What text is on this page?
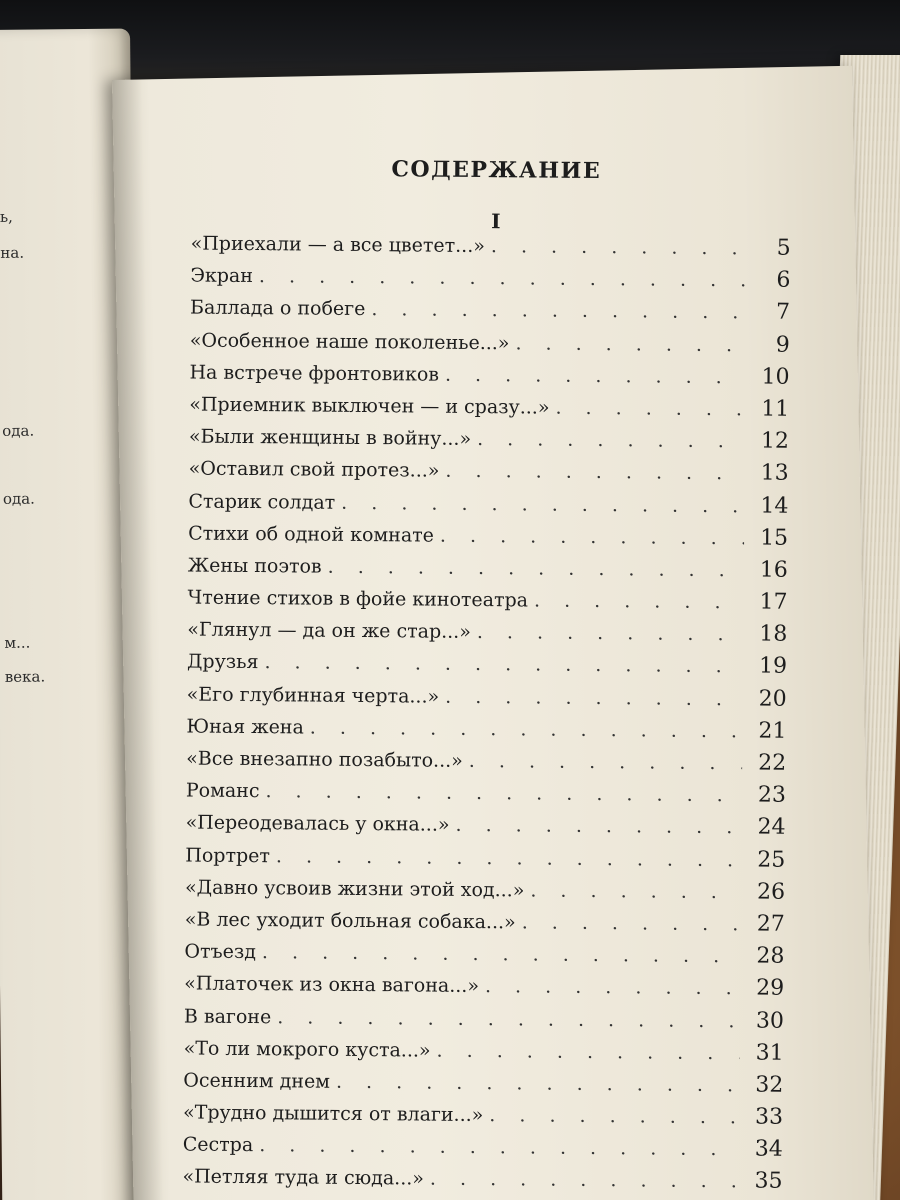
ь,
на.
ода.
ода.
м...
века.
СОДЕРЖАНИЕ
I
«Приехали — а все цветет...» . . .	5
Экран . . .	6
Баллада о побеге . . .	7
«Особенное наше поколенье...» . . .	9
На встрече фронтовиков . . .	10
«Приемник выключен — и сразу...» . . .	11
«Были женщины в войну...» . . .	12
«Оставил свой протез...» . . .	13
Старик солдат . . .	14
Стихи об одной комнате . . .	15
Жены поэтов . . .	16
Чтение стихов в фойе кинотеатра . . .	17
«Глянул — да он же стар...» . . .	18
Друзья . . .	19
«Его глубинная черта...» . . .	20
Юная жена . . .	21
«Все внезапно позабыто...» . . .	22
Романс . . .	23
«Переодевалась у окна...» . . .	24
Портрет . . .	25
«Давно усвоив жизни этой ход...» . . .	26
«В лес уходит больная собака...» . . .	27
Отъезд . . .	28
«Платочек из окна вагона...» . . .	29
В вагоне . . .	30
«То ли мокрого куста...» . . .	31
Осенним днем . . .	32
«Трудно дышится от влаги...» . . .	33
Сестра . . .	34
«Петляя туда и сюда...» . . .	35
